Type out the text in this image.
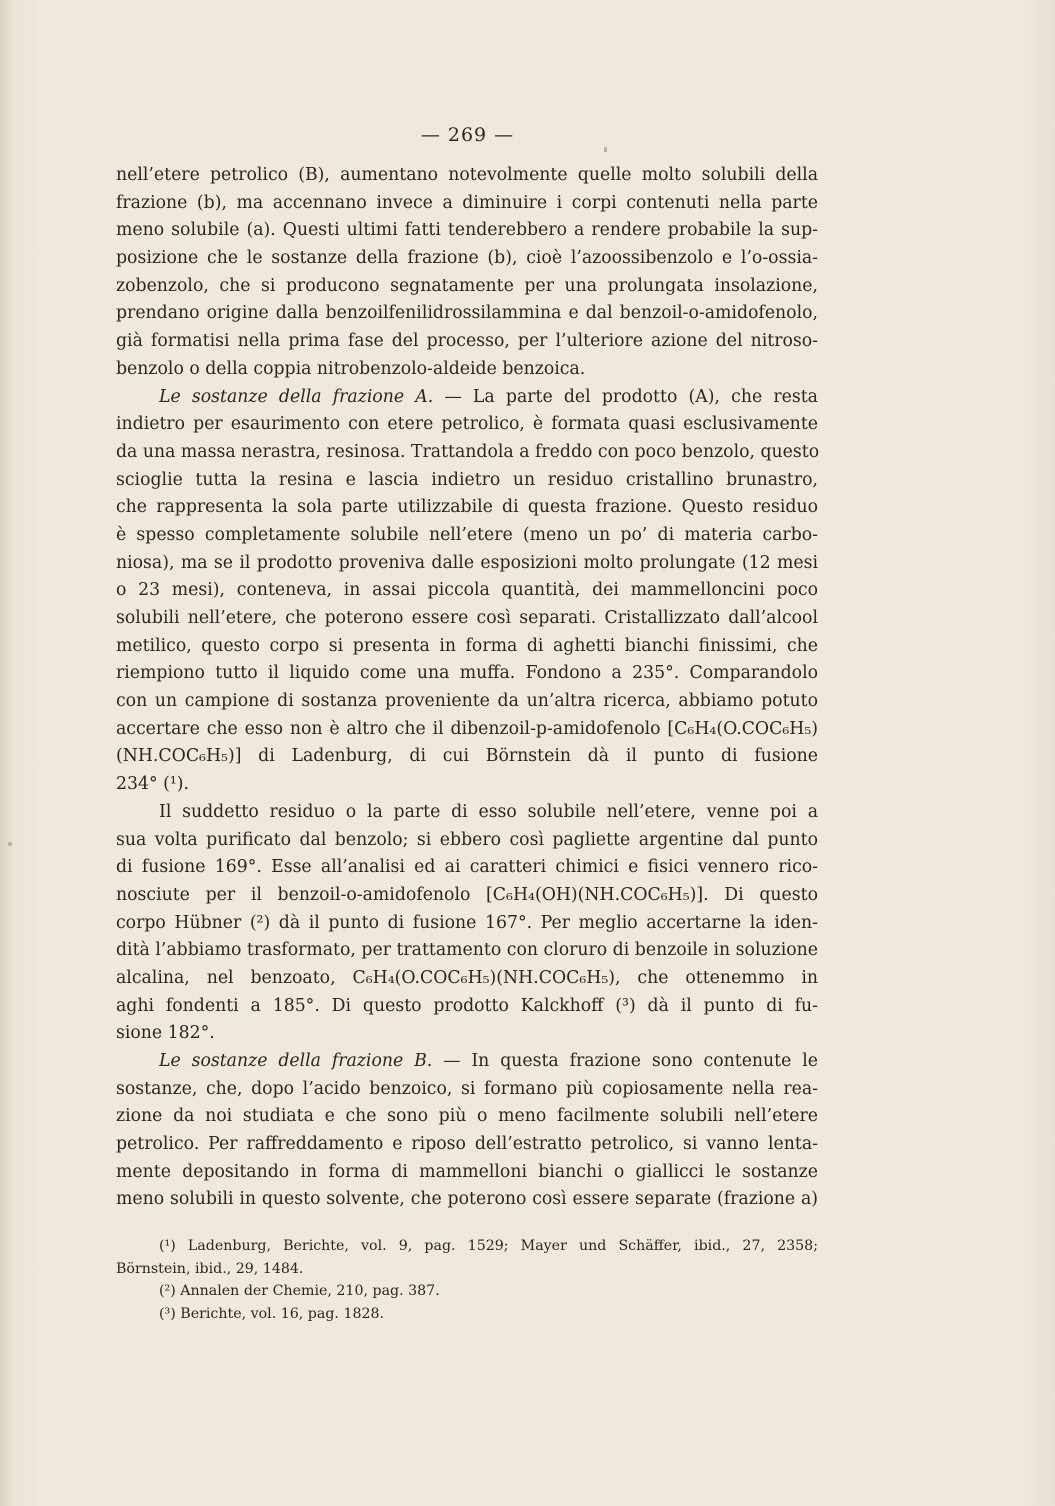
— 269 —
nell’etere petrolico (B), aumentano notevolmente quelle molto solubili della
frazione (b), ma accennano invece a diminuire i corpi contenuti nella parte
meno solubile (a). Questi ultimi fatti tenderebbero a rendere probabile la sup-
posizione che le sostanze della frazione (b), cioè l’azoossibenzolo e l’o-ossia-
zobenzolo, che si producono segnatamente per una prolungata insolazione,
prendano origine dalla benzoilfenilidrossilammina e dal benzoil-o-amidofenolo,
già formatisi nella prima fase del processo, per l’ulteriore azione del nitroso-
benzolo o della coppia nitrobenzolo-aldeide benzoica.
Le sostanze della frazione A. — La parte del prodotto (A), che resta
indietro per esaurimento con etere petrolico, è formata quasi esclusivamente
da una massa nerastra, resinosa. Trattandola a freddo con poco benzolo, questo
scioglie tutta la resina e lascia indietro un residuo cristallino brunastro,
che rappresenta la sola parte utilizzabile di questa frazione. Questo residuo
è spesso completamente solubile nell’etere (meno un po’ di materia carbo-
niosa), ma se il prodotto proveniva dalle esposizioni molto prolungate (12 mesi
o 23 mesi), conteneva, in assai piccola quantità, dei mammelloncini poco
solubili nell’etere, che poterono essere così separati. Cristallizzato dall’alcool
metilico, questo corpo si presenta in forma di aghetti bianchi finissimi, che
riempiono tutto il liquido come una muffa. Fondono a 235°. Comparandolo
con un campione di sostanza proveniente da un’altra ricerca, abbiamo potuto
accertare che esso non è altro che il dibenzoil-p-amidofenolo [C₆H₄(O.COC₆H₅)
(NH.COC₆H₅)] di Ladenburg, di cui Börnstein dà il punto di fusione
234° (¹).
Il suddetto residuo o la parte di esso solubile nell’etere, venne poi a
sua volta purificato dal benzolo; si ebbero così pagliette argentine dal punto
di fusione 169°. Esse all’analisi ed ai caratteri chimici e fisici vennero rico-
nosciute per il benzoil-o-amidofenolo [C₆H₄(OH)(NH.COC₆H₅)]. Di questo
corpo Hübner (²) dà il punto di fusione 167°. Per meglio accertarne la iden-
dità l’abbiamo trasformato, per trattamento con cloruro di benzoile in soluzione
alcalina, nel benzoato, C₆H₄(O.COC₆H₅)(NH.COC₆H₅), che ottenemmo in
aghi fondenti a 185°. Di questo prodotto Kalckhoff (³) dà il punto di fu-
sione 182°.
Le sostanze della frazione B. — In questa frazione sono contenute le
sostanze, che, dopo l’acido benzoico, si formano più copiosamente nella rea-
zione da noi studiata e che sono più o meno facilmente solubili nell’etere
petrolico. Per raffreddamento e riposo dell’estratto petrolico, si vanno lenta-
mente depositando in forma di mammelloni bianchi o giallicci le sostanze
meno solubili in questo solvente, che poterono così essere separate (frazione a)
(¹) Ladenburg, Berichte, vol. 9, pag. 1529; Mayer und Schäffer, ibid., 27, 2358;
Börnstein, ibid., 29, 1484.
(²) Annalen der Chemie, 210, pag. 387.
(³) Berichte, vol. 16, pag. 1828.
